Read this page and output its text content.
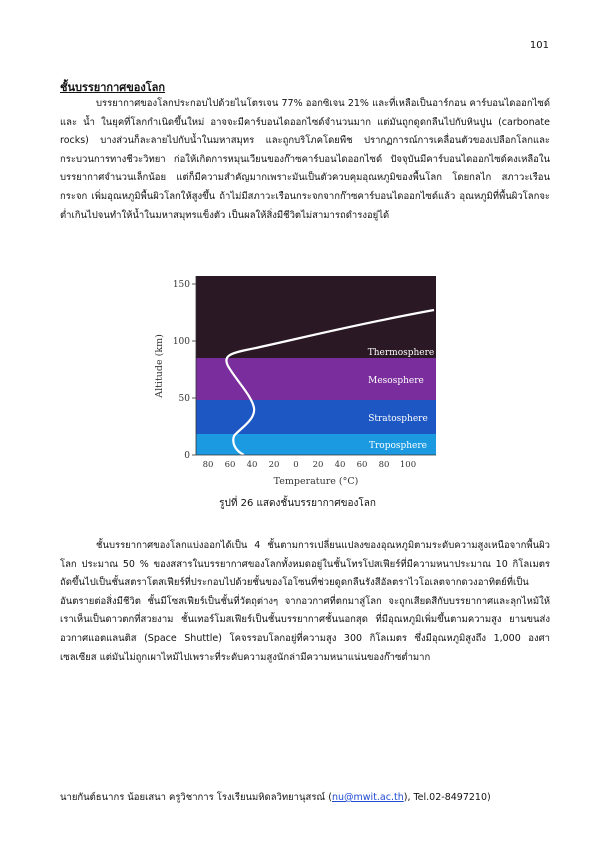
101
ชั้นบรรยากาศของโลก

บรรยากาศของโลกประกอบไปด้วยไนโตรเจน 77% ออกซิเจน 21% และที่เหลือเป็นอาร์กอน คาร์บอนไดออกไซด์และ น้ำ ในยุคที่โลกกำเนิดขึ้นใหม่ อาจจะมีคาร์บอนไดออกไซด์จำนวนมาก แต่มันถูกดูดกลืนไปกับหินปูน (carbonate rocks) บางส่วนก็ละลายไปกับน้ำในมหาสมุทร และถูกบริโภคโดยพืช ปรากฏการณ์การเคลื่อนตัวของเปลือกโลกและกระบวนการทางชีวะวิทยา ก่อให้เกิดการหมุนเวียนของก๊าซคาร์บอนไดออกไซด์ ปัจจุบันมีคาร์บอนไดออกไซด์คงเหลือในบรรยากาศจำนวนเล็กน้อย แต่ก็มีความสำคัญมากเพราะมันเป็นตัวควบคุมอุณหภูมิของพื้นโลก โดยกลไก สภาวะเรือนกระจก เพิ่มอุณหภูมิพื้นผิวโลกให้สูงขึ้น ถ้าไม่มีสภาวะเรือนกระจกจากก๊าซคาร์บอนไดออกไซด์แล้ว อุณหภูมิที่พื้นผิวโลกจะต่ำเกินไปจนทำให้น้ำในมหาสมุทรแข็งตัว เป็นผลให้สิ่งมีชีวิตไม่สามารถดำรงอยู่ได้

150
100
50
0
80 60 40 20 0 20 40 60 80 100
Altitude (km)
Temperature (°C)
Thermosphere
Mesosphere
Stratosphere
Troposphere
รูปที่ 26 แสดงชั้นบรรยากาศของโลก

ชั้นบรรยากาศของโลกแบ่งออกได้เป็น 4 ชั้นตามการเปลี่ยนแปลงของอุณหภูมิตามระดับความสูงเหนือจากพื้นผิวโลก ประมาณ 50 % ของสสารในบรรยากาศของโลกทั้งหมดอยู่ในชั้นโทรโปสเฟียร์ที่มีความหนาประมาณ 10 กิโลเมตร ถัดขึ้นไปเป็นชั้นสตราโตสเฟียร์ที่ประกอบไปด้วยชั้นของโอโซนที่ช่วยดูดกลืนรังสีอัลตราไวโอเลตจากดวงอาทิตย์ที่เป็นอันตรายต่อสิ่งมีชีวิต ชั้นมีโซสเฟียร์เป็นชั้นที่วัตถุต่างๆ จากอวกาศที่ตกมาสู่โลก จะถูกเสียดสีกับบรรยากาศและลุกไหม้ให้เราเห็นเป็นดาวตกที่สวยงาม ชั้นเทอร์โมสเฟียร์เป็นชั้นบรรยากาศชั้นนอกสุด ที่มีอุณหภูมิเพิ่มขึ้นตามความสูง ยานขนส่งอวกาศแอตแลนติส (Space Shuttle) โคจรรอบโลกอยู่ที่ความสูง 300 กิโลเมตร ซึ่งมีอุณหภูมิสูงถึง 1,000 องศาเซลเซียส แต่มันไม่ถูกเผาไหม้ไปเพราะที่ระดับความสูงนักล่ามีความหนาแน่นของก๊าซต่ำมาก

นายกันต์ธนากร น้อยเสนา ครูวิชาการ โรงเรียนมหิดลวิทยานุสรณ์ (nu@mwit.ac.th), Tel.02-8497210)
